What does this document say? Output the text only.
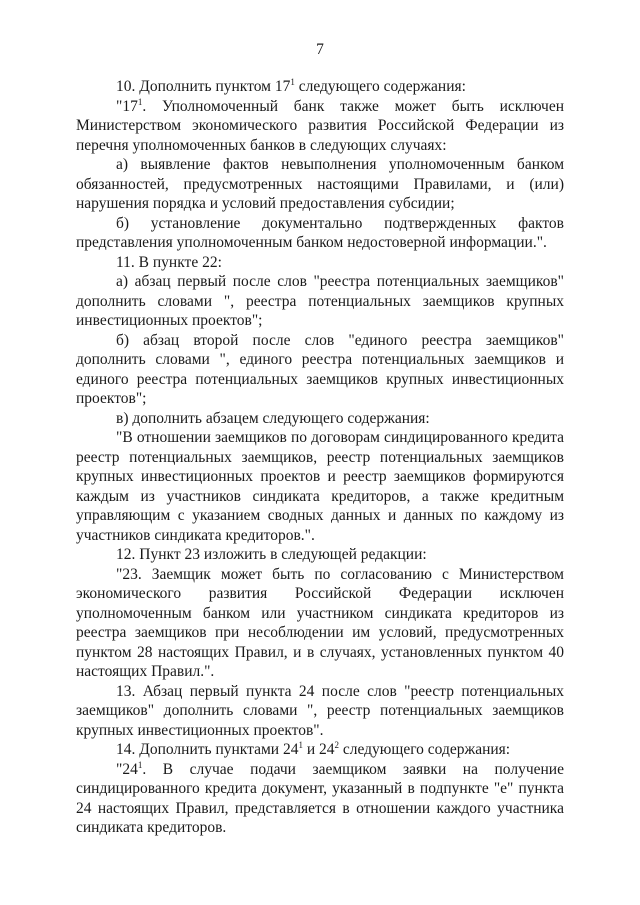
7

10. Дополнить пунктом $17^1$ следующего содержания:

"$17^1$. Уполномоченный банк также может быть исключен Министерством экономического развития Российской Федерации из перечня уполномоченных банков в следующих случаях:

а) выявление фактов невыполнения уполномоченным банком обязанностей, предусмотренных настоящими Правилами, и (или) нарушения порядка и условий предоставления субсидии;

б) установление документально подтвержденных фактов представления уполномоченным банком недостоверной информации.".

11. В пункте 22:

а) абзац первый после слов "реестра потенциальных заемщиков" дополнить словами ", реестра потенциальных заемщиков крупных инвестиционных проектов";

б) абзац второй после слов "единого реестра заемщиков" дополнить словами ", единого реестра потенциальных заемщиков и единого реестра потенциальных заемщиков крупных инвестиционных проектов";

в) дополнить абзацем следующего содержания:

"В отношении заемщиков по договорам синдицированного кредита реестр потенциальных заемщиков, реестр потенциальных заемщиков крупных инвестиционных проектов и реестр заемщиков формируются каждым из участников синдиката кредиторов, а также кредитным управляющим с указанием сводных данных и данных по каждому из участников синдиката кредиторов.".

12. Пункт 23 изложить в следующей редакции:

"23. Заемщик может быть по согласованию с Министерством экономического развития Российской Федерации исключен уполномоченным банком или участником синдиката кредиторов из реестра заемщиков при несоблюдении им условий, предусмотренных пунктом 28 настоящих Правил, и в случаях, установленных пунктом 40 настоящих Правил.".

13. Абзац первый пункта 24 после слов "реестр потенциальных заемщиков" дополнить словами ", реестр потенциальных заемщиков крупных инвестиционных проектов".

14. Дополнить пунктами $24^1$ и $24^2$ следующего содержания:

"$24^1$. В случае подачи заемщиком заявки на получение синдицированного кредита документ, указанный в подпункте "е" пункта 24 настоящих Правил, представляется в отношении каждого участника синдиката кредиторов.
